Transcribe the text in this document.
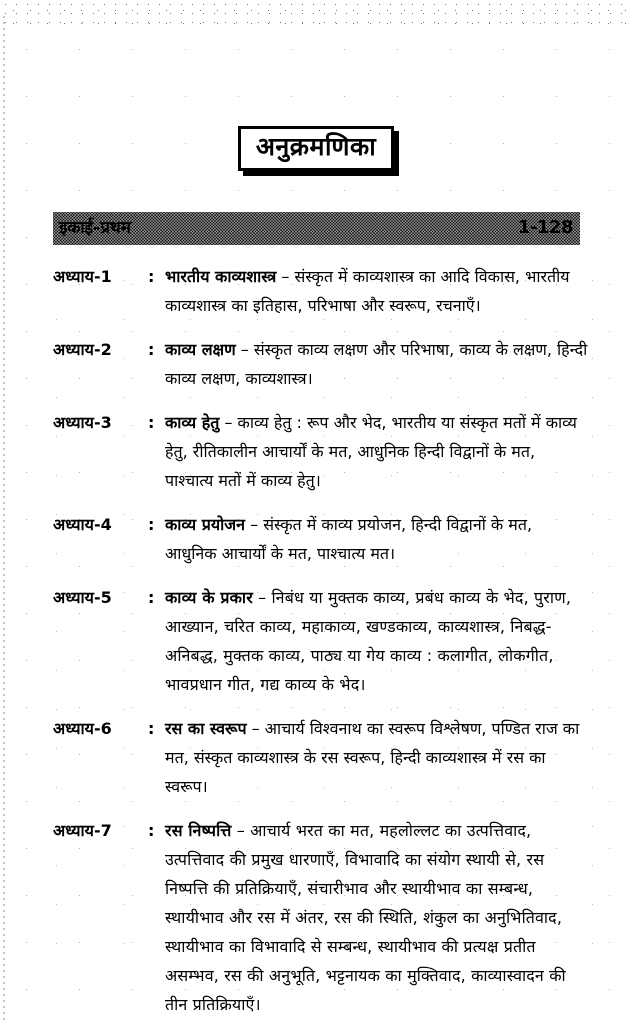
अनुक्रमणिका
इकाई-प्रथम	1-128
अध्याय-1	: भारतीय काव्यशास्त्र – संस्कृत में काव्यशास्त्र का आदि विकास, भारतीय काव्यशास्त्र का इतिहास, परिभाषा और स्वरूप, रचनाएँ।
अध्याय-2	: काव्य लक्षण – संस्कृत काव्य लक्षण और परिभाषा, काव्य के लक्षण, हिन्दी काव्य लक्षण, काव्यशास्त्र।
अध्याय-3	: काव्य हेतु – काव्य हेतु : रूप और भेद, भारतीय या संस्कृत मतों में काव्य हेतु, रीतिकालीन आचार्यों के मत, आधुनिक हिन्दी विद्वानों के मत, पाश्चात्य मतों में काव्य हेतु।
अध्याय-4	: काव्य प्रयोजन – संस्कृत में काव्य प्रयोजन, हिन्दी विद्वानों के मत, आधुनिक आचार्यों के मत, पाश्चात्य मत।
अध्याय-5	: काव्य के प्रकार – निबंध या मुक्तक काव्य, प्रबंध काव्य के भेद, पुराण, आख्यान, चरित काव्य, महाकाव्य, खण्डकाव्य, काव्यशास्त्र, निबद्ध-अनिबद्ध, मुक्तक काव्य, पाठ्य या गेय काव्य : कलागीत, लोकगीत, भावप्रधान गीत, गद्य काव्य के भेद।
अध्याय-6	: रस का स्वरूप – आचार्य विश्वनाथ का स्वरूप विश्लेषण, पण्डित राज का मत, संस्कृत काव्यशास्त्र के रस स्वरूप, हिन्दी काव्यशास्त्र में रस का स्वरूप।
अध्याय-7	: रस निष्पत्ति – आचार्य भरत का मत, महलोल्लट का उत्पत्तिवाद, उत्पत्तिवाद की प्रमुख धारणाएँ, विभावादि का संयोग स्थायी से, रस निष्पत्ति की प्रतिक्रियाएँ, संचारीभाव और स्थायीभाव का सम्बन्ध, स्थायीभाव और रस में अंतर, रस की स्थिति, शंकुल का अनुभितिवाद, स्थायीभाव का विभावादि से सम्बन्ध, स्थायीभाव की प्रत्यक्ष प्रतीत असम्भव, रस की अनुभूति, भट्टनायक का मुक्तिवाद, काव्यास्वादन की तीन प्रतिक्रियाएँ।
